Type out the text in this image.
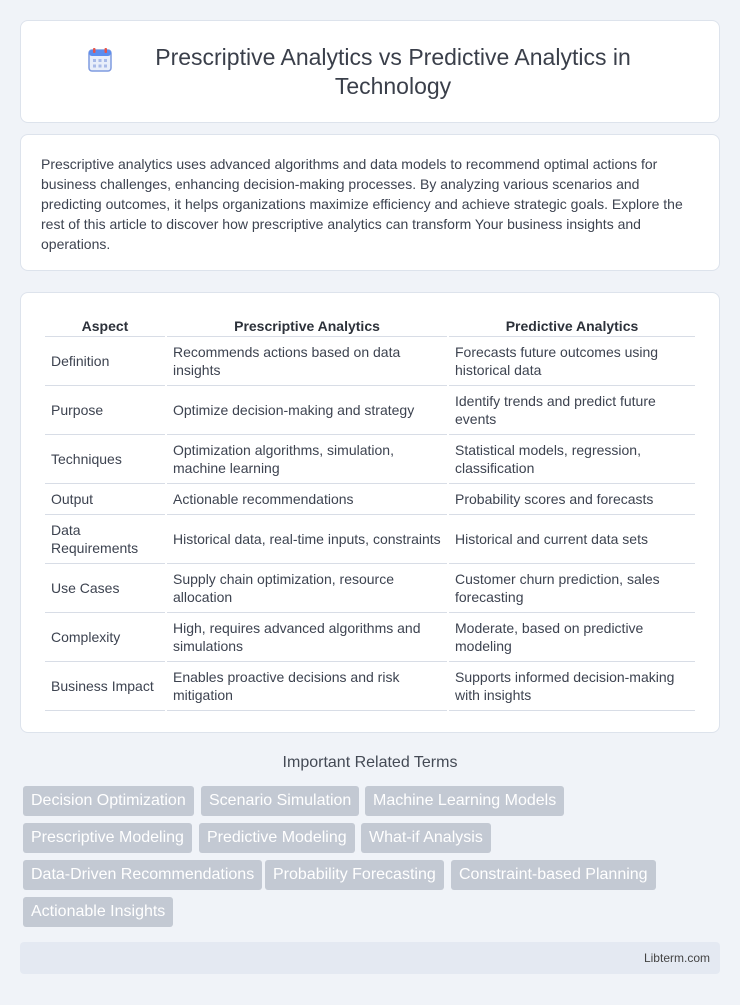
Prescriptive Analytics vs Predictive Analytics in Technology

Prescriptive analytics uses advanced algorithms and data models to recommend optimal actions for business challenges, enhancing decision-making processes. By analyzing various scenarios and predicting outcomes, it helps organizations maximize efficiency and achieve strategic goals. Explore the rest of this article to discover how prescriptive analytics can transform Your business insights and operations.

Aspect	Prescriptive Analytics	Predictive Analytics
Definition	Recommends actions based on data insights	Forecasts future outcomes using historical data
Purpose	Optimize decision-making and strategy	Identify trends and predict future events
Techniques	Optimization algorithms, simulation, machine learning	Statistical models, regression, classification
Output	Actionable recommendations	Probability scores and forecasts
Data Requirements	Historical data, real-time inputs, constraints	Historical and current data sets
Use Cases	Supply chain optimization, resource allocation	Customer churn prediction, sales forecasting
Complexity	High, requires advanced algorithms and simulations	Moderate, based on predictive modeling
Business Impact	Enables proactive decisions and risk mitigation	Supports informed decision-making with insights
Important Related Terms
Decision Optimization	Scenario Simulation	Machine Learning Models
Prescriptive Modeling	Predictive Modeling	What-if Analysis
Data-Driven Recommendations	Probability Forecasting	Constraint-based Planning
Actionable Insights
Libterm.com
